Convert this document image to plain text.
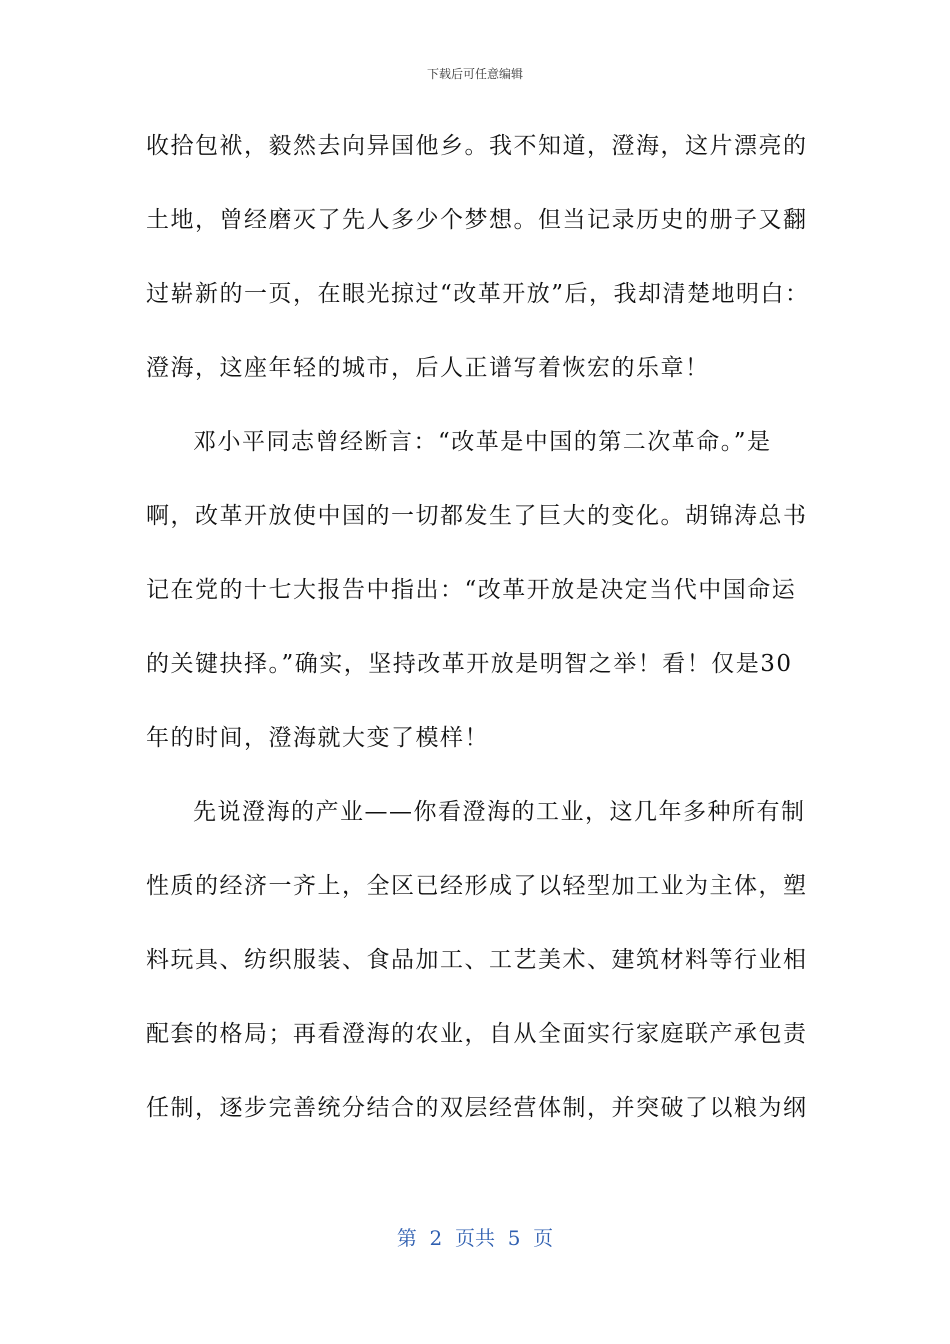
下载后可任意编辑
收拾包袱，毅然去向异国他乡。我不知道，澄海，这片漂亮的
土地，曾经磨灭了先人多少个梦想。但当记录历史的册子又翻
过崭新的一页，在眼光掠过“改革开放”后，我却清楚地明白：
澄海，这座年轻的城市，后人正谱写着恢宏的乐章！
邓小平同志曾经断言：“改革是中国的第二次革命。”是
啊，改革开放使中国的一切都发生了巨大的变化。胡锦涛总书
记在党的十七大报告中指出：“改革开放是决定当代中国命运
的关键抉择。”确实，坚持改革开放是明智之举！看！仅是30
年的时间，澄海就大变了模样！
先说澄海的产业——你看澄海的工业，这几年多种所有制
性质的经济一齐上，全区已经形成了以轻型加工业为主体，塑
料玩具、纺织服装、食品加工、工艺美术、建筑材料等行业相
配套的格局；再看澄海的农业，自从全面实行家庭联产承包责
任制，逐步完善统分结合的双层经营体制，并突破了以粮为纲
第  2  页共  5  页
